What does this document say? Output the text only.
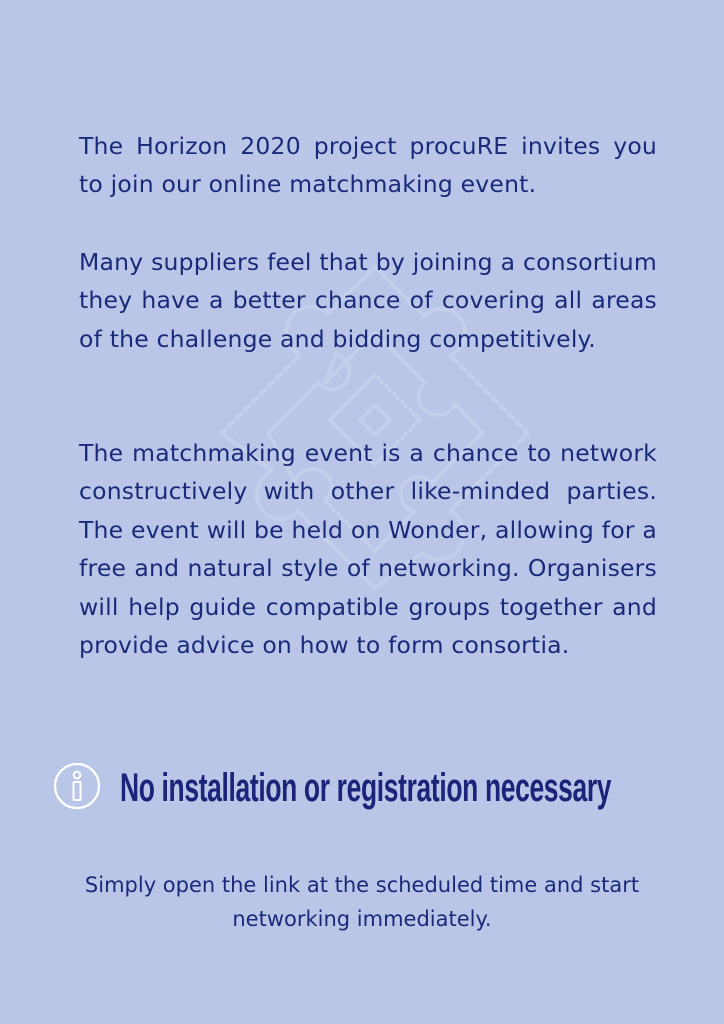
The Horizon 2020 project procuRE invites you to join our online matchmaking event.

Many suppliers feel that by joining a consortium they have a better chance of covering all areas of the challenge and bidding competitively.

The matchmaking event is a chance to network constructively with other like-minded parties. The event will be held on Wonder, allowing for a free and natural style of networking. Organisers will help guide compatible groups together and provide advice on how to form consortia.

No installation or registration necessary

Simply open the link at the scheduled time and start networking immediately.
